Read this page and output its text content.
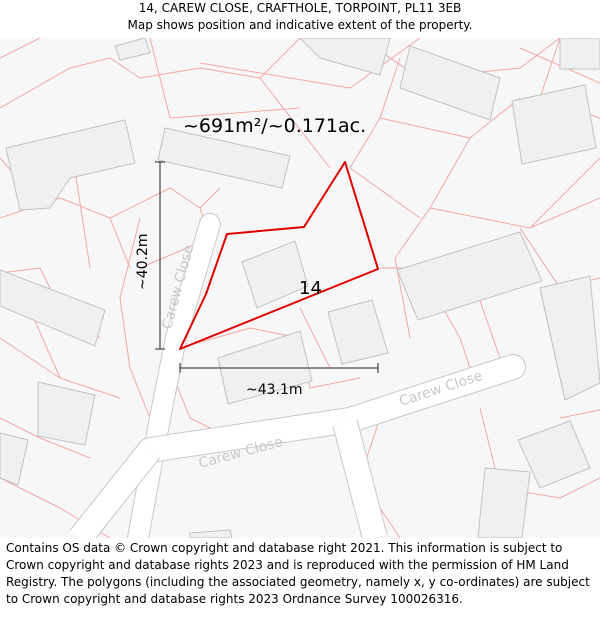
14, CAREW CLOSE, CRAFTHOLE, TORPOINT, PL11 3EB
Map shows position and indicative extent of the property.
Carew Close
Carew Close
Carew Close
~691m²/~0.171ac.
14
~40.2m
~43.1m
Contains OS data © Crown copyright and database right 2021. This information is subject to Crown copyright and database rights 2023 and is reproduced with the permission of HM Land Registry. The polygons (including the associated geometry, namely x, y co-ordinates) are subject to Crown copyright and database rights 2023 Ordnance Survey 100026316.
